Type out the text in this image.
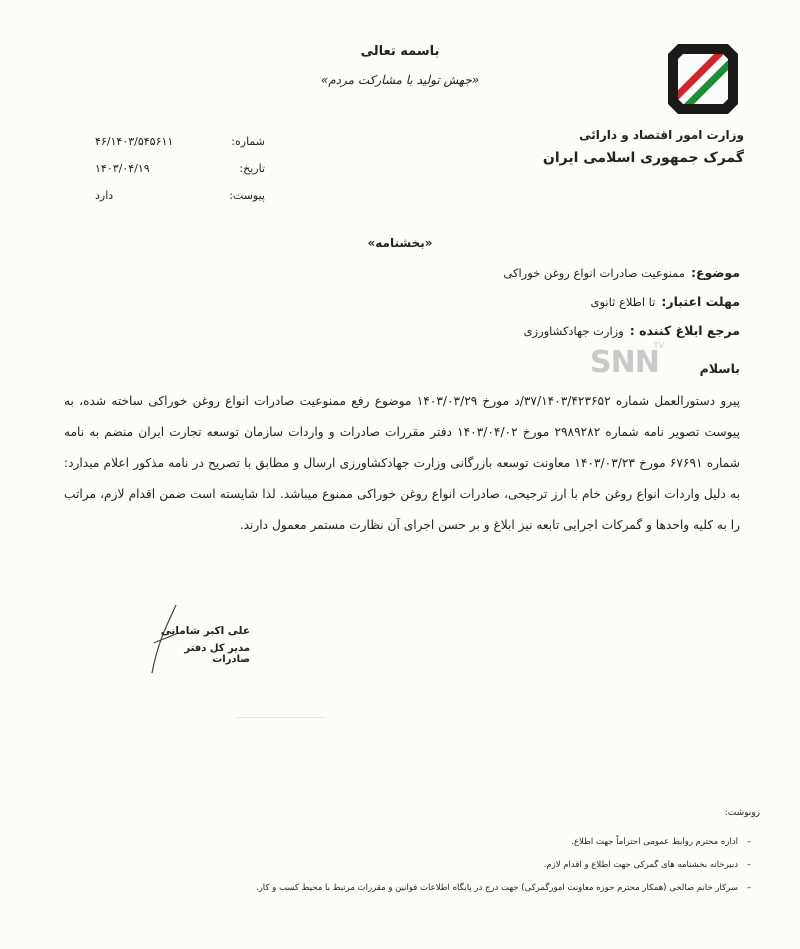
باسمه تعالی
«جهش تولید با مشارکت مردم»
وزارت امور اقتصاد و دارائی
گمرک جمهوری اسلامی ایران
شماره:
۴۶/۱۴۰۳/۵۴۵۶۱۱
تاریخ:
۱۴۰۳/۰۴/۱۹
پیوست:
دارد
«بخشنامه»
موضوع:
ممنوعیت صادرات انواع روغن خوراکی
مهلت اعتبار:
تا اطلاع ثانوی
مرجع ابلاغ کننده :
وزارت جهادکشاورزی
SNN
TV
باسلام
پیرو دستورالعمل شماره ۳۷/۱۴۰۳/۴۲۳۶۵۲/د مورخ ۱۴۰۳/۰۳/۲۹ موضوع رفع ممنوعیت صادرات انواع روغن خوراکی ساخته شده، به پیوست تصویر نامه شماره ۲۹۸۹۲۸۲ مورخ ۱۴۰۳/۰۴/۰۲ دفتر مقررات صادرات و واردات سازمان توسعه تجارت ایران منضم به نامه شماره ۶۷۶۹۱ مورخ ۱۴۰۳/۰۳/۲۳ معاونت توسعه بازرگانی وزارت جهادکشاورزی ارسال و مطابق با تصریح در نامه مذکور اعلام میدارد: به دلیل واردات انواع روغن خام با ارز ترجیحی، صادرات انواع روغن خوراکی ممنوع میباشد. لذا شایسته است ضمن اقدام لازم، مراتب را به کلیه واحدها و گمرکات اجرایی تابعه نیز ابلاغ و بر حسن اجرای آن نظارت مستمر معمول دارند.
علی اکبر شامانی
مدیر کل دفتر صادرات
رونوشت:
–
اداره محترم روابط عمومی احتراماً جهت اطلاع.
–
دبیرخانه بخشنامه های گمرکی جهت اطلاع و اقدام لازم.
–
سرکار خانم صالحی (همکار محترم حوزه معاونت امورگمرکی) جهت درج در پایگاه اطلاعات قوانین و مقررات مرتبط با محیط کسب و کار.
